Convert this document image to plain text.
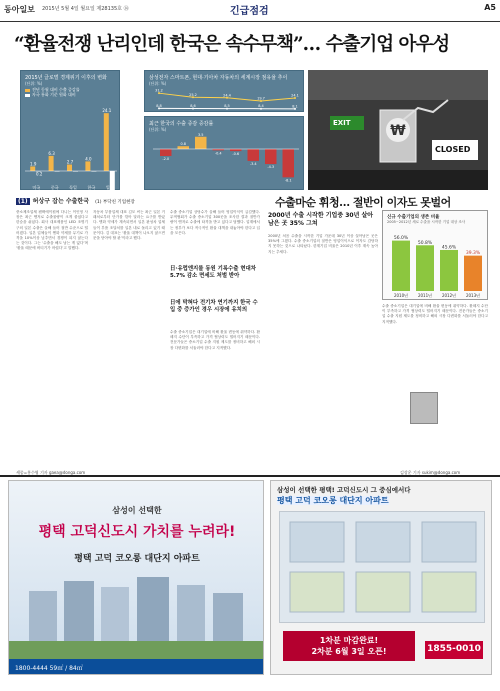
동아일보 2015년 5월 4일 월요일 제28135호 ⑭	긴급점검	A5
“환율전쟁 난리인데 한국은 속수무책”… 수출기업 아우성
2015년 글로벌 경제위기 이후의 변화
(단위: %)
전년 동월 대비 수출 증감률
자국 통화 기준 원화 대비
1.9
0.2
미국
6.3
중국
2.7
독일
4.0
한국
24.1
일본
삼성전자 스마트폰, 현대·기아차 자동차의 세계시장 점유율 추이
(단위: %)
31.2
25.2	24.4
19.7
24.1
8.8	8.6	8.5	8.4	8.1
최근 한국의 수출 증감 증감률
(단위: %)
-2.0
0.8
3.5
-0.4	-0.6
-3.4
-4.3
-8.1
₩
EXIT
CLOSED
(1) 허상구 잡는 수출한국 (1) 부닥친 기업현장	수출마순 휘청… 절반이 이자도 못벌어
중소제조업체 팬택에이원에 다니는 이인영 사장은 최근 엔저로 수출물량이 크게 줄었다고 한숨을 쉬었다. 회사 대표제품인 LED 조명기구의 일본 수출은 올해 들어 절반 수준으로 떨어졌다. 일본 업체들이 엔화 약세를 무기로 가격을 10%이상 낮추면서 경쟁이 되지 않는다는 것이다. 그는 ‘수출을 해도 남는 게 없다’며 ‘환율 때문에 버티기가 어렵다’고 말했다.
자동차 부품업체 대표 김모 씨는 최근 일본 거래처로부터 단가를 깎아 달라는 요구를 받았다. 엔화 약세가 계속되면서 일본 완성차 업체들이 부품 조달처를 일본 내로 돌리고 있기 때문이다. 김 대표는 ‘환율 대책이 나오지 않으면 문을 닫아야 할 판’이라고 했다.
日·유럽엔지를 동원 기록수출 현대차 5.7% 감소 면세도 처벌 받아
수출 중소기업 상당수가 올해 들어 영업이익이 급감했다. 무역협회가 수출 중소기업 300곳을 조사한 결과 절반가량이 엔저로 수출에 타격을 받고 있다고 답했다. 업계에서는 정부가 보다 적극적인 환율 대책을 내놓아야 한다고 입을 모은다.
日에 막혀다 전기차 연기까지 한국 수입 중 증가인 경우 시장에 유치의
수출 중소기업은 대기업에 비해 환율 변동에 취약하다. 환헤지 수단이 부족하고 가격 협상력도 떨어지기 때문이다. 전문가들은 중소기업 수출 지원 제도를 정비하고 해외 시장 다변화를 서둘러야 한다고 지적했다.
2000년 수출 시작한 기업중 30년 살아남은 곳 35% 그쳐
2000년 처음 수출을 시작한 기업 가운데 30년 이상 살아남은 곳은 35%에 그쳤다. 수출 중소기업의 절반은 영업이익으로 이자도 감당하지 못하는 것으로 나타났다. 한계기업 비율은 2010년 이후 계속 높아지는 추세다.
신규 수출기업의 생존 비율
2005~2012년 새로 수출을 시작한 기업 대상 조사
56.0%
2010년
50.8%
2011년
45.6%
2012년
39.3%
2013년
수출 중소기업은 대기업에 비해 환율 변동에 취약하다. 환헤지 수단이 부족하고 가격 협상력도 떨어지기 때문이다. 전문가들은 중소기업 수출 지원 제도를 정비하고 해외 시장 다변화를 서둘러야 한다고 지적했다.
세종=홍수영 기자 gaea@donga.com	김상운 기자 sukim@donga.com
삼성이 선택한
평택 고덕신도시 가치를 누려라!
평택 고덕 코오롱 대단지 아파트
1800-4444 59㎡ / 84㎡
삼성이 선택한 평택! 고덕신도시 그 중심에서다
평택 고덕 코오롱 대단지 아파트
1차분 마감완료!
2차분 6월 3일 오픈!	1855-0010
